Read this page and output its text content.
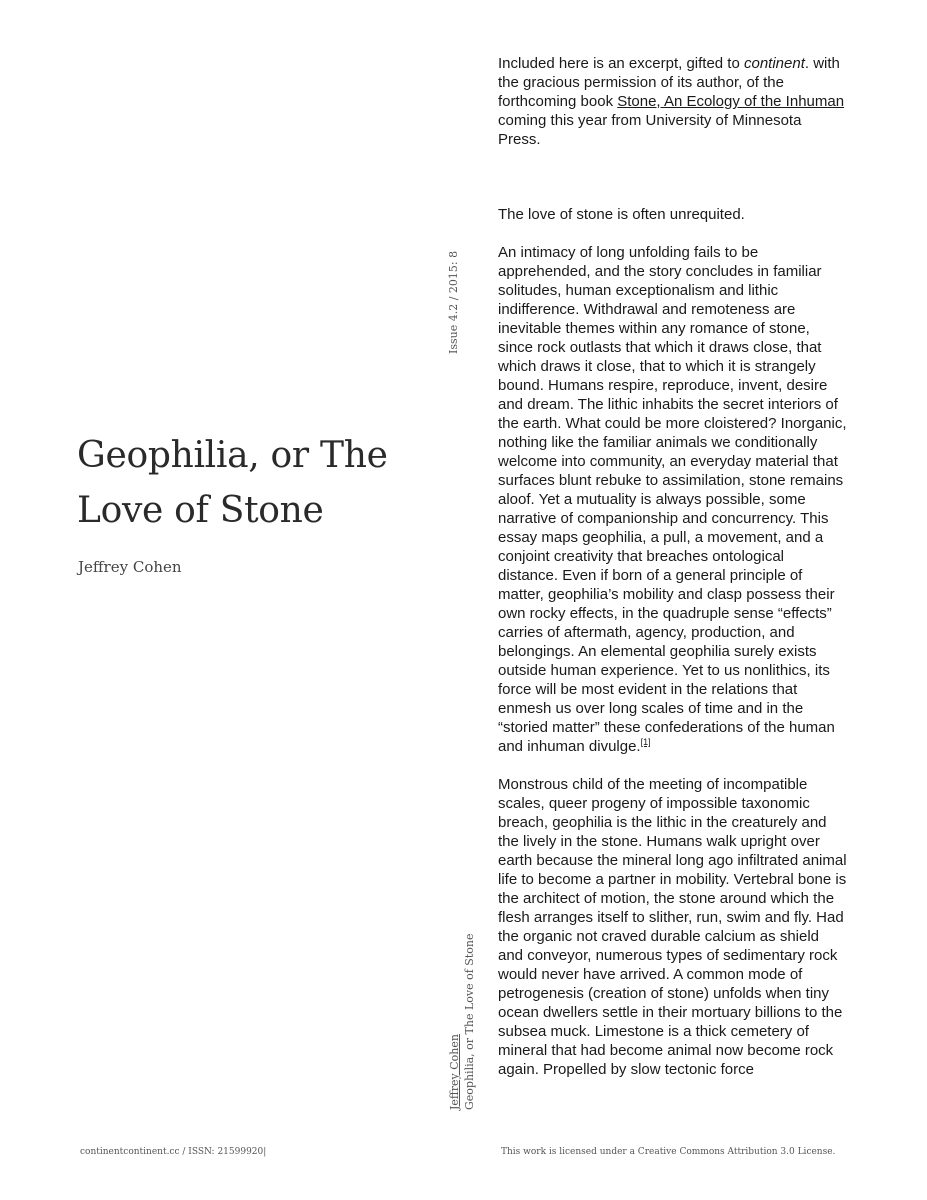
Geophilia, or The Love of Stone
Jeffrey Cohen
Issue 4.2 / 2015: 8
Jeffrey Cohen Geophilia, or The Love of Stone
Included here is an excerpt, gifted to continent. with the gracious permission of its author, of the forthcoming book Stone, An Ecology of the Inhuman coming this year from University of Minnesota Press.

The love of stone is often unrequited.

An intimacy of long unfolding fails to be apprehended, and the story concludes in familiar solitudes, human exceptionalism and lithic indifference. Withdrawal and remoteness are inevitable themes within any romance of stone, since rock outlasts that which it draws close, that which draws it close, that to which it is strangely bound. Humans respire, reproduce, invent, desire and dream. The lithic inhabits the secret interiors of the earth. What could be more cloistered? Inorganic, nothing like the familiar animals we conditionally welcome into community, an everyday material that surfaces blunt rebuke to assimilation, stone remains aloof. Yet a mutuality is always possible, some narrative of companionship and concurrency. This essay maps geophilia, a pull, a movement, and a conjoint creativity that breaches ontological distance. Even if born of a general principle of matter, geophilia’s mobility and clasp possess their own rocky effects, in the quadruple sense “effects” carries of aftermath, agency, production, and belongings. An elemental geophilia surely exists outside human experience. Yet to us nonlithics, its force will be most evident in the relations that enmesh us over long scales of time and in the “storied matter” these confederations of the human and inhuman divulge.[1]

Monstrous child of the meeting of incompatible scales, queer progeny of impossible taxonomic breach, geophilia is the lithic in the creaturely and the lively in the stone. Humans walk upright over earth because the mineral long ago infiltrated animal life to become a partner in mobility. Vertebral bone is the architect of motion, the stone around which the flesh arranges itself to slither, run, swim and fly. Had the organic not craved durable calcium as shield and conveyor, numerous types of sedimentary rock would never have arrived. A common mode of petrogenesis (creation of stone) unfolds when tiny ocean dwellers settle in their mortuary billions to the subsea muck. Limestone is a thick cemetery of mineral that had become animal now become rock again. Propelled by slow tectonic force

continentcontinent.cc / ISSN: 21599920|	This work is licensed under a Creative Commons Attribution 3.0 License.
